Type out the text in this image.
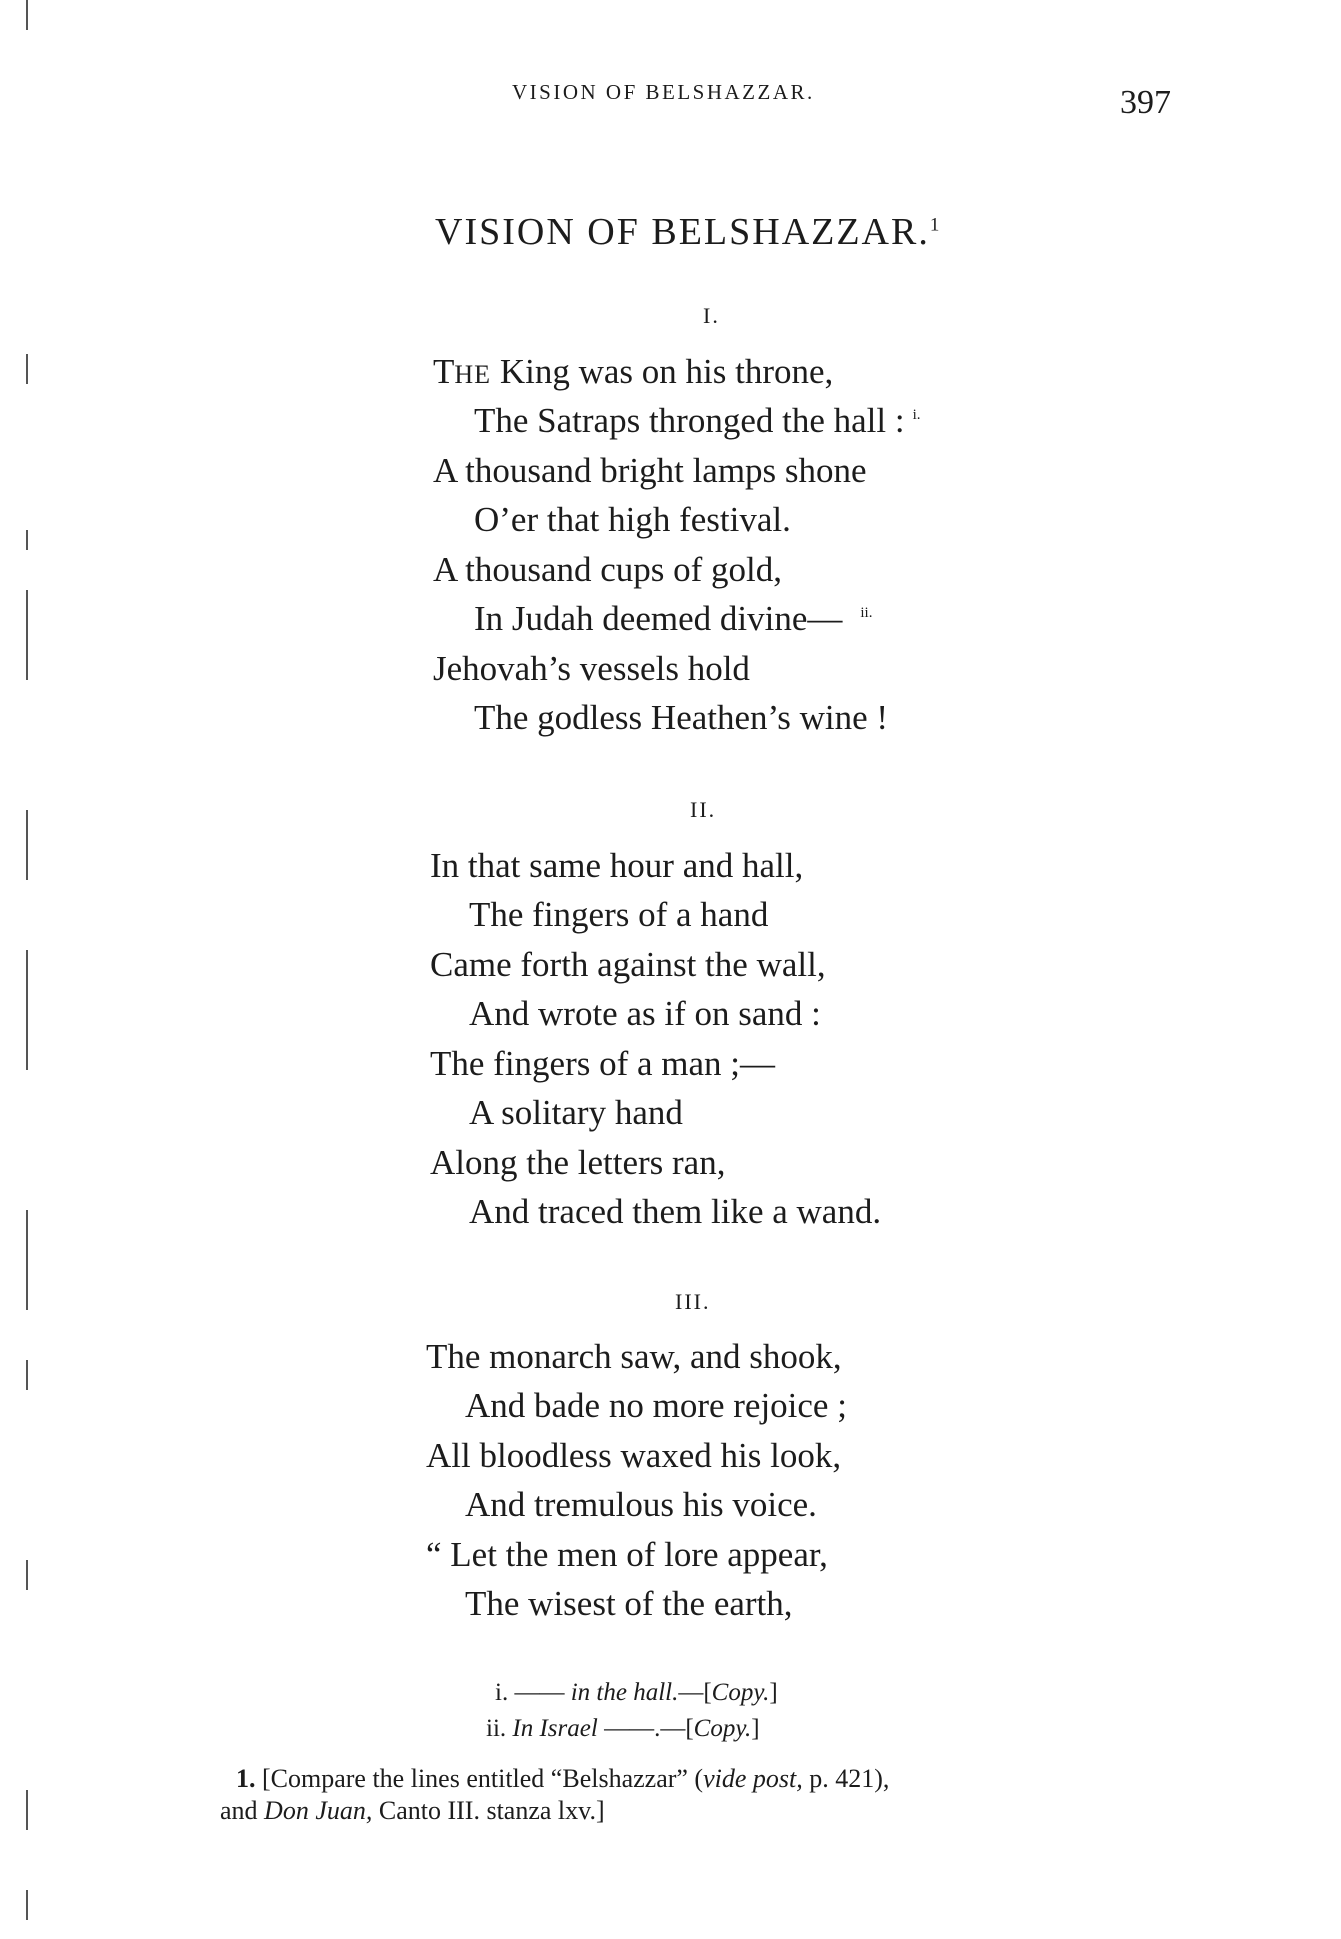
VISION OF BELSHAZZAR.	397
VISION OF BELSHAZZAR.$^1$
I.
THE King was on his throne,
The Satraps thronged the hall : $^{i.}$
A thousand bright lamps shone
O’er that high festival.
A thousand cups of gold,
In Judah deemed divine— $^{ii.}$
Jehovah’s vessels hold
The godless Heathen’s wine !
II.
In that same hour and hall,
The fingers of a hand
Came forth against the wall,
And wrote as if on sand :
The fingers of a man ;—
A solitary hand
Along the letters ran,
And traced them like a wand.
III.
The monarch saw, and shook,
And bade no more rejoice ;
All bloodless waxed his look,
And tremulous his voice.
“ Let the men of lore appear,
The wisest of the earth,
i. —— in the hall.—[Copy.]
ii. In Israel ——.—[Copy.]
1. [Compare the lines entitled “Belshazzar” (vide post, p. 421),
and Don Juan, Canto III. stanza lxv.]
